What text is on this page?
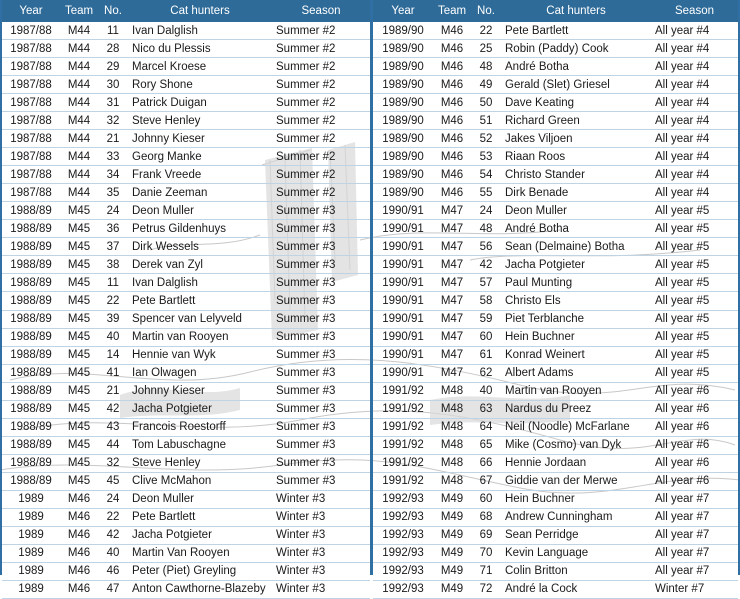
Year	Team	No.	Cat hunters	Season
1987/88	M44	11	Ivan Dalglish	Summer #2
1987/88	M44	28	Nico du Plessis	Summer #2
1987/88	M44	29	Marcel Kroese	Summer #2
1987/88	M44	30	Rory Shone	Summer #2
1987/88	M44	31	Patrick Duigan	Summer #2
1987/88	M44	32	Steve Henley	Summer #2
1987/88	M44	21	Johnny Kieser	Summer #2
1987/88	M44	33	Georg Manke	Summer #2
1987/88	M44	34	Frank Vreede	Summer #2
1987/88	M44	35	Danie Zeeman	Summer #2
1988/89	M45	24	Deon Muller	Summer #3
1988/89	M45	36	Petrus Gildenhuys	Summer #3
1988/89	M45	37	Dirk Wessels	Summer #3
1988/89	M45	38	Derek van Zyl	Summer #3
1988/89	M45	11	Ivan Dalglish	Summer #3
1988/89	M45	22	Pete Bartlett	Summer #3
1988/89	M45	39	Spencer van Lelyveld	Summer #3
1988/89	M45	40	Martin van Rooyen	Summer #3
1988/89	M45	14	Hennie van Wyk	Summer #3
1988/89	M45	41	Ian Olwagen	Summer #3
1988/89	M45	21	Johnny Kieser	Summer #3
1988/89	M45	42	Jacha Potgieter	Summer #3
1988/89	M45	43	Francois Roestorff	Summer #3
1988/89	M45	44	Tom Labuschagne	Summer #3
1988/89	M45	32	Steve Henley	Summer #3
1988/89	M45	45	Clive McMahon	Summer #3
1989	M46	24	Deon Muller	Winter #3
1989	M46	22	Pete Bartlett	Winter #3
1989	M46	42	Jacha Potgieter	Winter #3
1989	M46	40	Martin Van Rooyen	Winter #3
1989	M46	46	Peter (Piet) Greyling	Winter #3
1989	M46	47	Anton Cawthorne-Blazeby	Winter #3
Year	Team	No.	Cat hunters	Season
1989/90	M46	22	Pete Bartlett	All year #4
1989/90	M46	25	Robin (Paddy) Cook	All year #4
1989/90	M46	48	André Botha	All year #4
1989/90	M46	49	Gerald (Slet) Griesel	All year #4
1989/90	M46	50	Dave Keating	All year #4
1989/90	M46	51	Richard Green	All year #4
1989/90	M46	52	Jakes Viljoen	All year #4
1989/90	M46	53	Riaan Roos	All year #4
1989/90	M46	54	Christo Stander	All year #4
1989/90	M46	55	Dirk Benade	All year #4
1990/91	M47	24	Deon Muller	All year #5
1990/91	M47	48	André Botha	All year #5
1990/91	M47	56	Sean (Delmaine) Botha	All year #5
1990/91	M47	42	Jacha Potgieter	All year #5
1990/91	M47	57	Paul Munting	All year #5
1990/91	M47	58	Christo Els	All year #5
1990/91	M47	59	Piet Terblanche	All year #5
1990/91	M47	60	Hein Buchner	All year #5
1990/91	M47	61	Konrad Weinert	All year #5
1990/91	M47	62	Albert Adams	All year #5
1991/92	M48	40	Martin van Rooyen	All year #6
1991/92	M48	63	Nardus du Preez	All year #6
1991/92	M48	64	Neil (Noodle) McFarlane	All year #6
1991/92	M48	65	Mike (Cosmo) van Dyk	All year #6
1991/92	M48	66	Hennie Jordaan	All year #6
1991/92	M48	67	Giddie van der Merwe	All year #6
1992/93	M49	60	Hein Buchner	All year #7
1992/93	M49	68	Andrew Cunningham	All year #7
1992/93	M49	69	Sean Perridge	All year #7
1992/93	M49	70	Kevin Language	All year #7
1992/93	M49	71	Colin Britton	All year #7
1992/93	M49	72	André la Cock	Winter #7
